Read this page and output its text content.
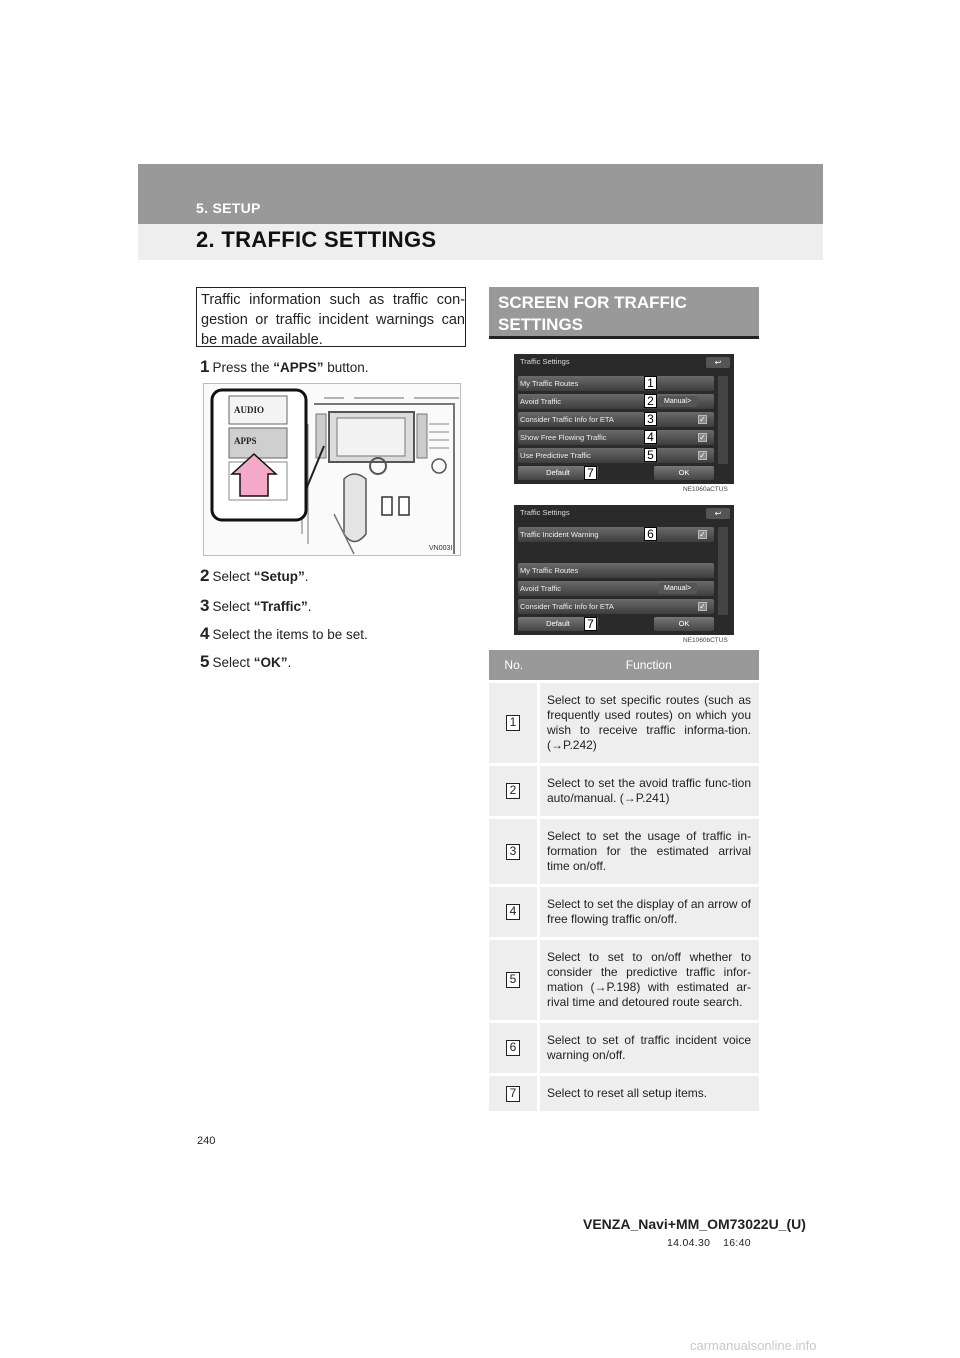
5. SETUP
2. TRAFFIC SETTINGS
Traffic information such as traffic con-gestion or traffic incident warnings can be made available.
1 Press the “APPS” button.
AUDIO
APPS
VN003I
2 Select “Setup”.
3 Select “Traffic”.
4 Select the items to be set.
5 Select “OK”.
SCREEN FOR TRAFFIC SETTINGS
Traffic Settings	↩
My Traffic Routes
Avoid Traffic	Manual>
Consider Traffic Info for ETA
Show Free Flowing Traffic
Use Predictive Traffic
✓
✓
✓
Default	OK
1
2
3
4
5
7
NE1060aCTUS
Traffic Settings	↩
Traffic Incident Warning
My Traffic Routes
Avoid Traffic	Manual>
Consider Traffic Info for ETA
✓
✓
Default	OK
6
7
NE1060bCTUS
No.	Function
1	Select to set specific routes (such as frequently used routes) on which you wish to receive traffic informa-tion. (→P.242)
2	Select to set the avoid traffic func-tion auto/manual. (→P.241)
3	Select to set the usage of traffic in-formation for the estimated arrival time on/off.
4	Select to set the display of an arrow of free flowing traffic on/off.
5	Select to set to on/off whether to consider the predictive traffic infor-mation (→P.198) with estimated ar-rival time and detoured route search.
6	Select to set of traffic incident voice warning on/off.
7	Select to reset all setup items.
240
VENZA_Navi+MM_OM73022U_(U)
14.04.30    16:40
carmanualsonline.info
